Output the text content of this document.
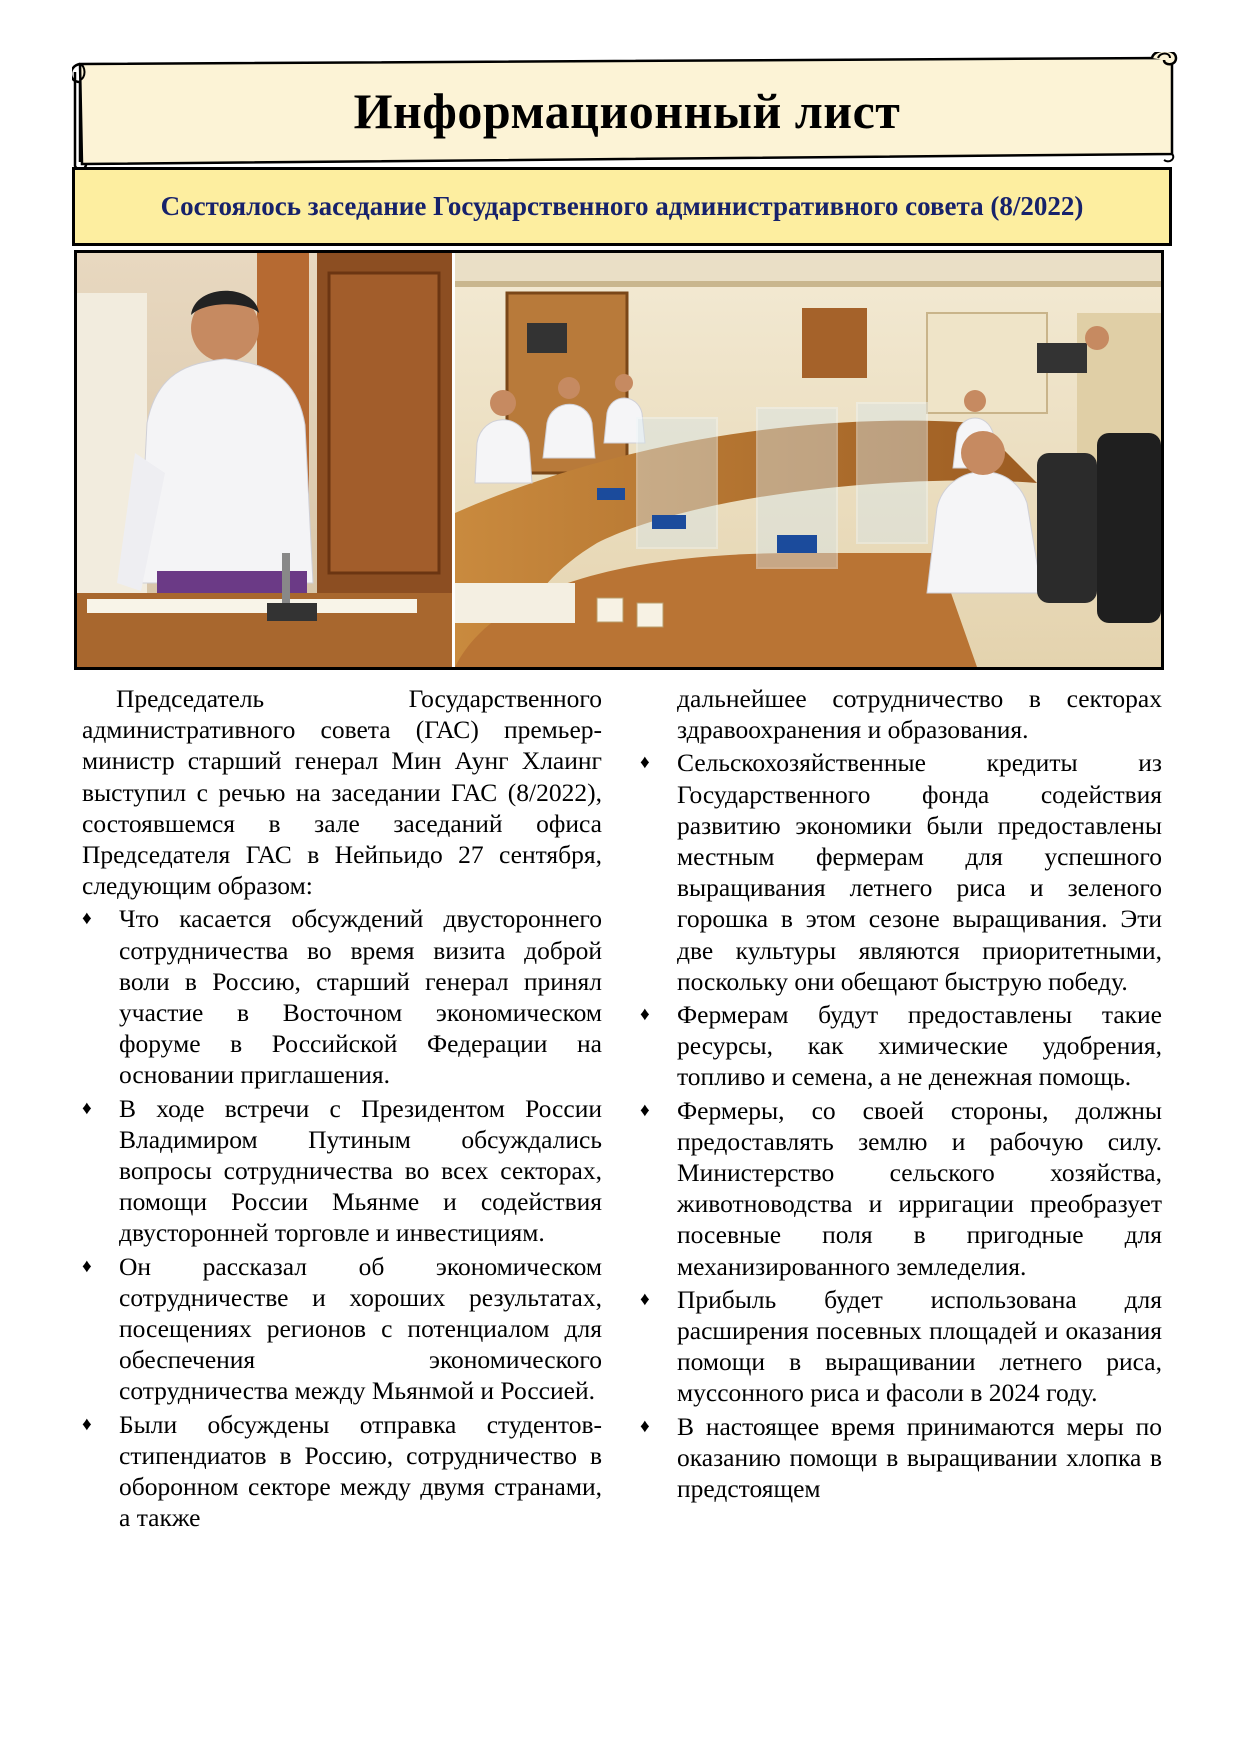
Информационный лист
Состоялось заседание Государственного административного совета (8/2022)

Председатель Государственного административного совета (ГАС) премьер-министр старший генерал Мин Аунг Хлаинг выступил с речью на заседании ГАС (8/2022), состоявшемся в зале заседаний офиса Председателя ГАС в Нейпьидо 27 сентября, следующим образом:

♦ Что касается обсуждений двустороннего сотрудничества во время визита доброй воли в Россию, старший генерал принял участие в Восточном экономическом форуме в Российской Федерации на основании приглашения.
♦ В ходе встречи с Президентом России Владимиром Путиным обсуждались вопросы сотрудничества во всех секторах, помощи России Мьянме и содействия двусторонней торговле и инвестициям.
♦ Он рассказал об экономическом сотрудничестве и хороших результатах, посещениях регионов с потенциалом для обеспечения экономического сотрудничества между Мьянмой и Россией.
♦ Были обсуждены отправка студентов-стипендиатов в Россию, сотрудничество в оборонном секторе между двумя странами, а также
дальнейшее сотрудничество в секторах здравоохранения и образования.
♦ Сельскохозяйственные кредиты из Государственного фонда содействия развитию экономики были предоставлены местным фермерам для успешного выращивания летнего риса и зеленого горошка в этом сезоне выращивания. Эти две культуры являются приоритетными, поскольку они обещают быструю победу.
♦ Фермерам будут предоставлены такие ресурсы, как химические удобрения, топливо и семена, а не денежная помощь.
♦ Фермеры, со своей стороны, должны предоставлять землю и рабочую силу. Министерство сельского хозяйства, животноводства и ирригации преобразует посевные поля в пригодные для механизированного земледелия.
♦ Прибыль будет использована для расширения посевных площадей и оказания помощи в выращивании летнего риса, муссонного риса и фасоли в 2024 году.
♦ В настоящее время принимаются меры по оказанию помощи в выращивании хлопка в предстоящем
